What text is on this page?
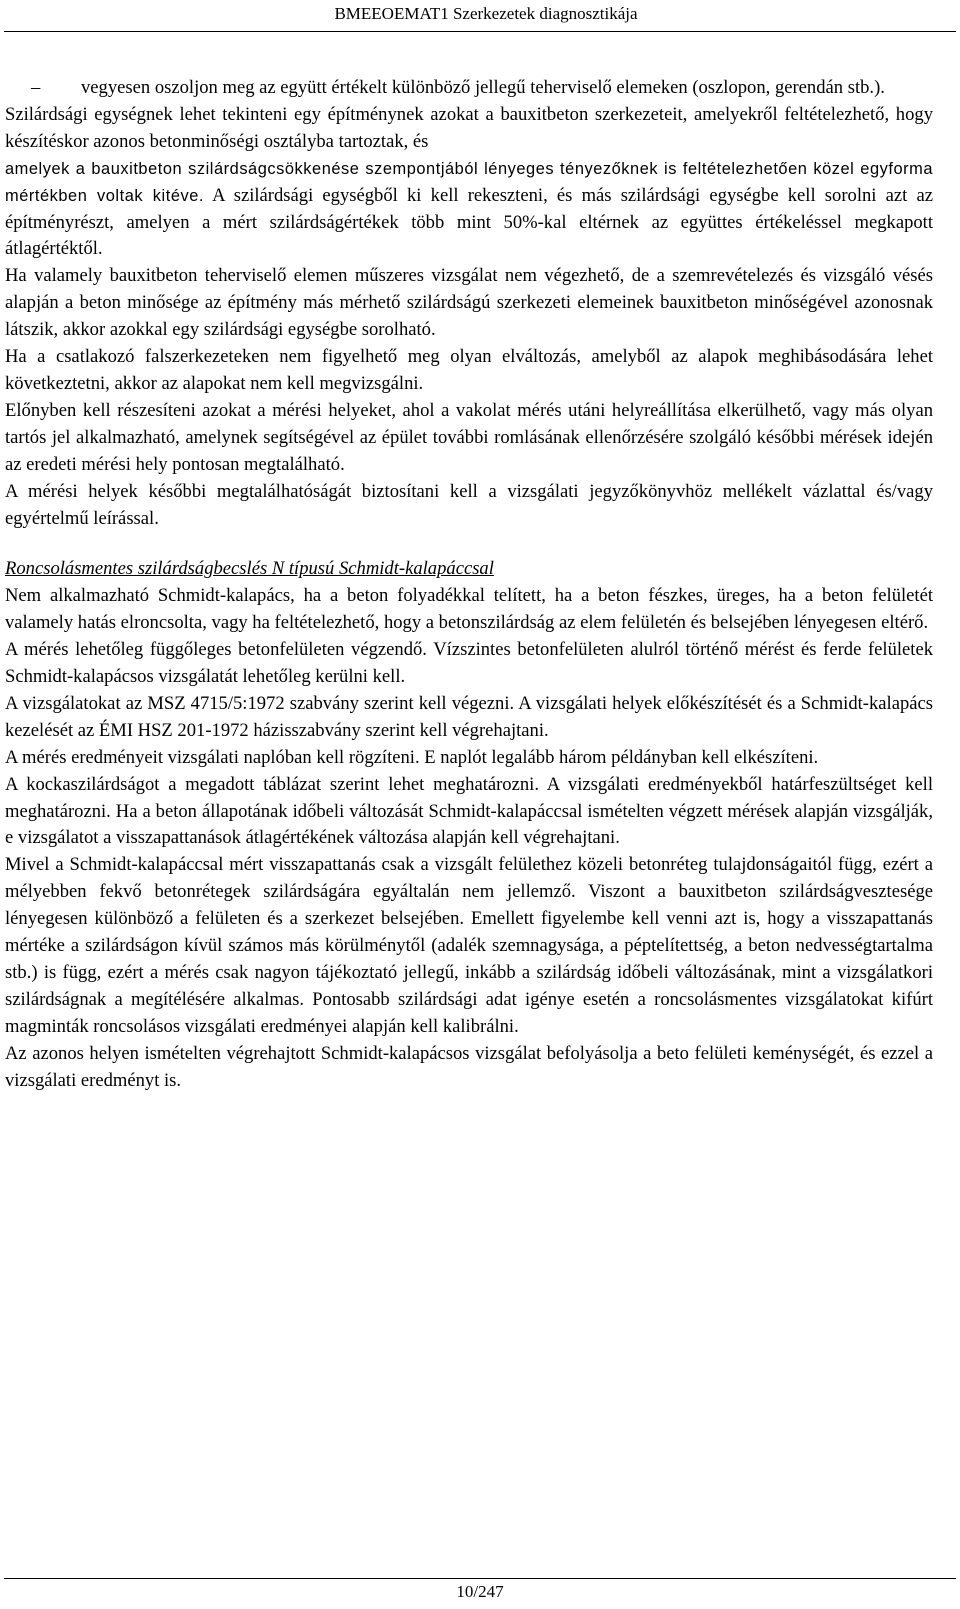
BMEEOEMAT1 Szerkezetek diagnosztikája

– vegyesen oszoljon meg az együtt értékelt különböző jellegű teherviselő elemeken (oszlopon, gerendán stb.).

Szilárdsági egységnek lehet tekinteni egy építménynek azokat a bauxitbeton szerkezeteit, amelyekről feltételezhető, hogy készítéskor azonos betonminőségi osztályba tartoztak, és
amelyek a bauxitbeton szilárdságcsökkenése szempontjából lényeges tényezőknek is feltételezhetően közel egyforma mértékben voltak kitéve. A szilárdsági egységből ki kell rekeszteni, és más szilárdsági egységbe kell sorolni azt az építményrészt, amelyen a mért szilárdságértékek több mint 50%-kal eltérnek az együttes értékeléssel megkapott átlagértéktől.

Ha valamely bauxitbeton teherviselő elemen műszeres vizsgálat nem végezhető, de a szemrevételezés és vizsgáló vésés alapján a beton minősége az építmény más mérhető szilárdságú szerkezeti elemeinek bauxitbeton minőségével azonosnak látszik, akkor azokkal egy szilárdsági egységbe sorolható.

Ha a csatlakozó falszerkezeteken nem figyelhető meg olyan elváltozás, amelyből az alapok meghibásodására lehet következtetni, akkor az alapokat nem kell megvizsgálni.

Előnyben kell részesíteni azokat a mérési helyeket, ahol a vakolat mérés utáni helyreállítása elkerülhető, vagy más olyan tartós jel alkalmazható, amelynek segítségével az épület további romlásának ellenőrzésére szolgáló későbbi mérések idején az eredeti mérési hely pontosan megtalálható.

A mérési helyek későbbi megtalálhatóságát biztosítani kell a vizsgálati jegyzőkönyvhöz mellékelt vázlattal és/vagy egyértelmű leírással.

Roncsolásmentes szilárdságbecslés N típusú Schmidt-kalapáccsal

Nem alkalmazható Schmidt-kalapács, ha a beton folyadékkal telített, ha a beton fészkes, üreges, ha a beton felületét valamely hatás elroncsolta, vagy ha feltételezhető, hogy a betonszilárdság az elem felületén és belsejében lényegesen eltérő.

A mérés lehetőleg függőleges betonfelületen végzendő. Vízszintes betonfelületen alulról történő mérést és ferde felületek Schmidt-kalapácsos vizsgálatát lehetőleg kerülni kell.

A vizsgálatokat az MSZ 4715/5:1972 szabvány szerint kell végezni. A vizsgálati helyek előkészítését és a Schmidt-kalapács kezelését az ÉMI HSZ 201-1972 házisszabvány szerint kell végrehajtani.

A mérés eredményeit vizsgálati naplóban kell rögzíteni. E naplót legalább három példányban kell elkészíteni.

A kockaszilárdságot a megadott táblázat szerint lehet meghatározni. A vizsgálati eredményekből határfeszültséget kell meghatározni. Ha a beton állapotának időbeli változását Schmidt-kalapáccsal ismételten végzett mérések alapján vizsgálják, e vizsgálatot a visszapattanások átlagértékének változása alapján kell végrehajtani.

Mivel a Schmidt-kalapáccsal mért visszapattanás csak a vizsgált felülethez közeli betonréteg tulajdonságaitól függ, ezért a mélyebben fekvő betonrétegek szilárdságára egyáltalán nem jellemző. Viszont a bauxitbeton szilárdságvesztesége lényegesen különböző a felületen és a szerkezet belsejében. Emellett figyelembe kell venni azt is, hogy a visszapattanás mértéke a szilárdságon kívül számos más körülménytől (adalék szemnagysága, a péptelítettség, a beton nedvességtartalma stb.) is függ, ezért a mérés csak nagyon tájékoztató jellegű, inkább a szilárdság időbeli változásának, mint a vizsgálatkori szilárdságnak a megítélésére alkalmas. Pontosabb szilárdsági adat igénye esetén a roncsolásmentes vizsgálatokat kifúrt magminták roncsolásos vizsgálati eredményei alapján kell kalibrálni.

Az azonos helyen ismételten végrehajtott Schmidt-kalapácsos vizsgálat befolyásolja a beto felületi keménységét, és ezzel a vizsgálati eredményt is.

10/247
